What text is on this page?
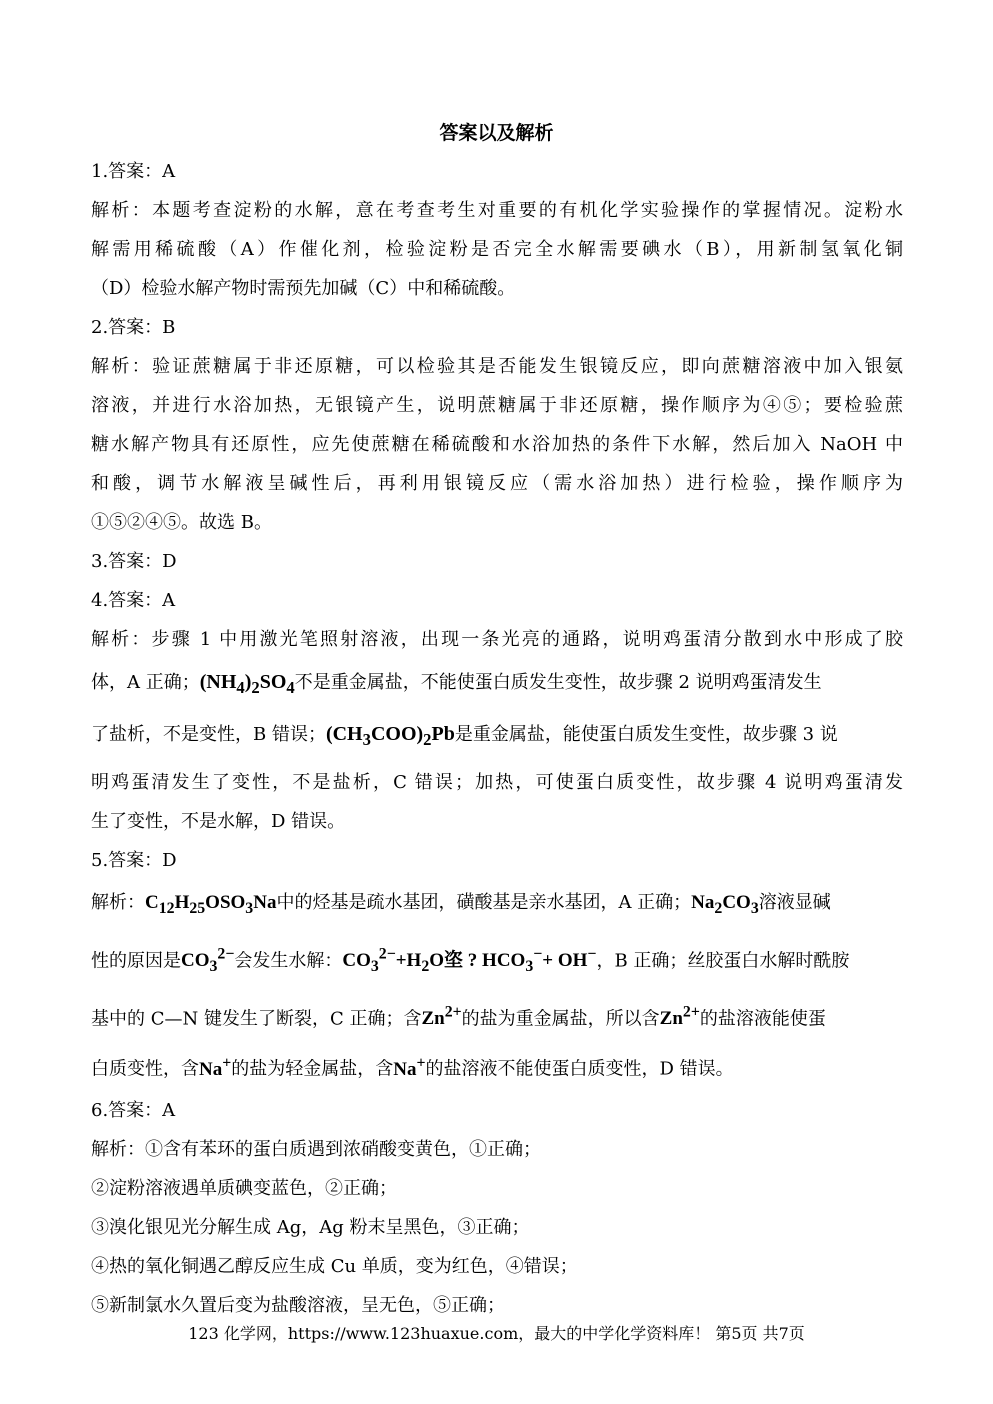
答案以及解析
1.答案：A
解析：本题考查淀粉的水解，意在考查考生对重要的有机化学实验操作的掌握情况。淀粉水
解需用稀硫酸（A）作催化剂，检验淀粉是否完全水解需要碘水（B），用新制氢氧化铜
（D）检验水解产物时需预先加碱（C）中和稀硫酸。
2.答案：B
解析：验证蔗糖属于非还原糖，可以检验其是否能发生银镜反应，即向蔗糖溶液中加入银氨
溶液，并进行水浴加热，无银镜产生，说明蔗糖属于非还原糖，操作顺序为④⑤；要检验蔗
糖水解产物具有还原性，应先使蔗糖在稀硫酸和水浴加热的条件下水解，然后加入 NaOH 中
和酸，调节水解液呈碱性后，再利用银镜反应（需水浴加热）进行检验，操作顺序为
①⑤②④⑤。故选 B。
3.答案：D
4.答案：A
解析：步骤 1 中用激光笔照射溶液，出现一条光亮的通路，说明鸡蛋清分散到水中形成了胶
体，A 正确；$(NH_4)_2SO_4$不是重金属盐，不能使蛋白质发生变性，故步骤 2 说明鸡蛋清发生
了盐析，不是变性，B 错误；$(CH_3COO)_2Pb$是重金属盐，能使蛋白质发生变性，故步骤 3 说
明鸡蛋清发生了变性，不是盐析，C 错误；加热，可使蛋白质变性，故步骤 4 说明鸡蛋清发
生了变性，不是水解，D 错误。
5.答案：D
解析：$C_{12}H_{25}OSO_3Na$中的烃基是疏水基团，磺酸基是亲水基团，A 正确；$Na_2CO_3$溶液显碱
性的原因是$CO_3^{2-}$会发生水解：$CO_3^{2-}+H_2O$垐 ? $HCO_3^-+ OH^-$，B 正确；丝胶蛋白水解时酰胺
基中的 C—N 键发生了断裂，C 正确；含$Zn^{2+}$的盐为重金属盐，所以含$Zn^{2+}$的盐溶液能使蛋
白质变性，含Na+的盐为轻金属盐，含Na+的盐溶液不能使蛋白质变性，D 错误。
6.答案：A
解析：①含有苯环的蛋白质遇到浓硝酸变黄色，①正确；
②淀粉溶液遇单质碘变蓝色，②正确；
③溴化银见光分解生成 Ag，Ag 粉末呈黑色，③正确；
④热的氧化铜遇乙醇反应生成 Cu 单质，变为红色，④错误；
⑤新制氯水久置后变为盐酸溶液，呈无色，⑤正确；
123 化学网，https://www.123huaxue.com，最大的中学化学资料库！ 第5页 共7页
